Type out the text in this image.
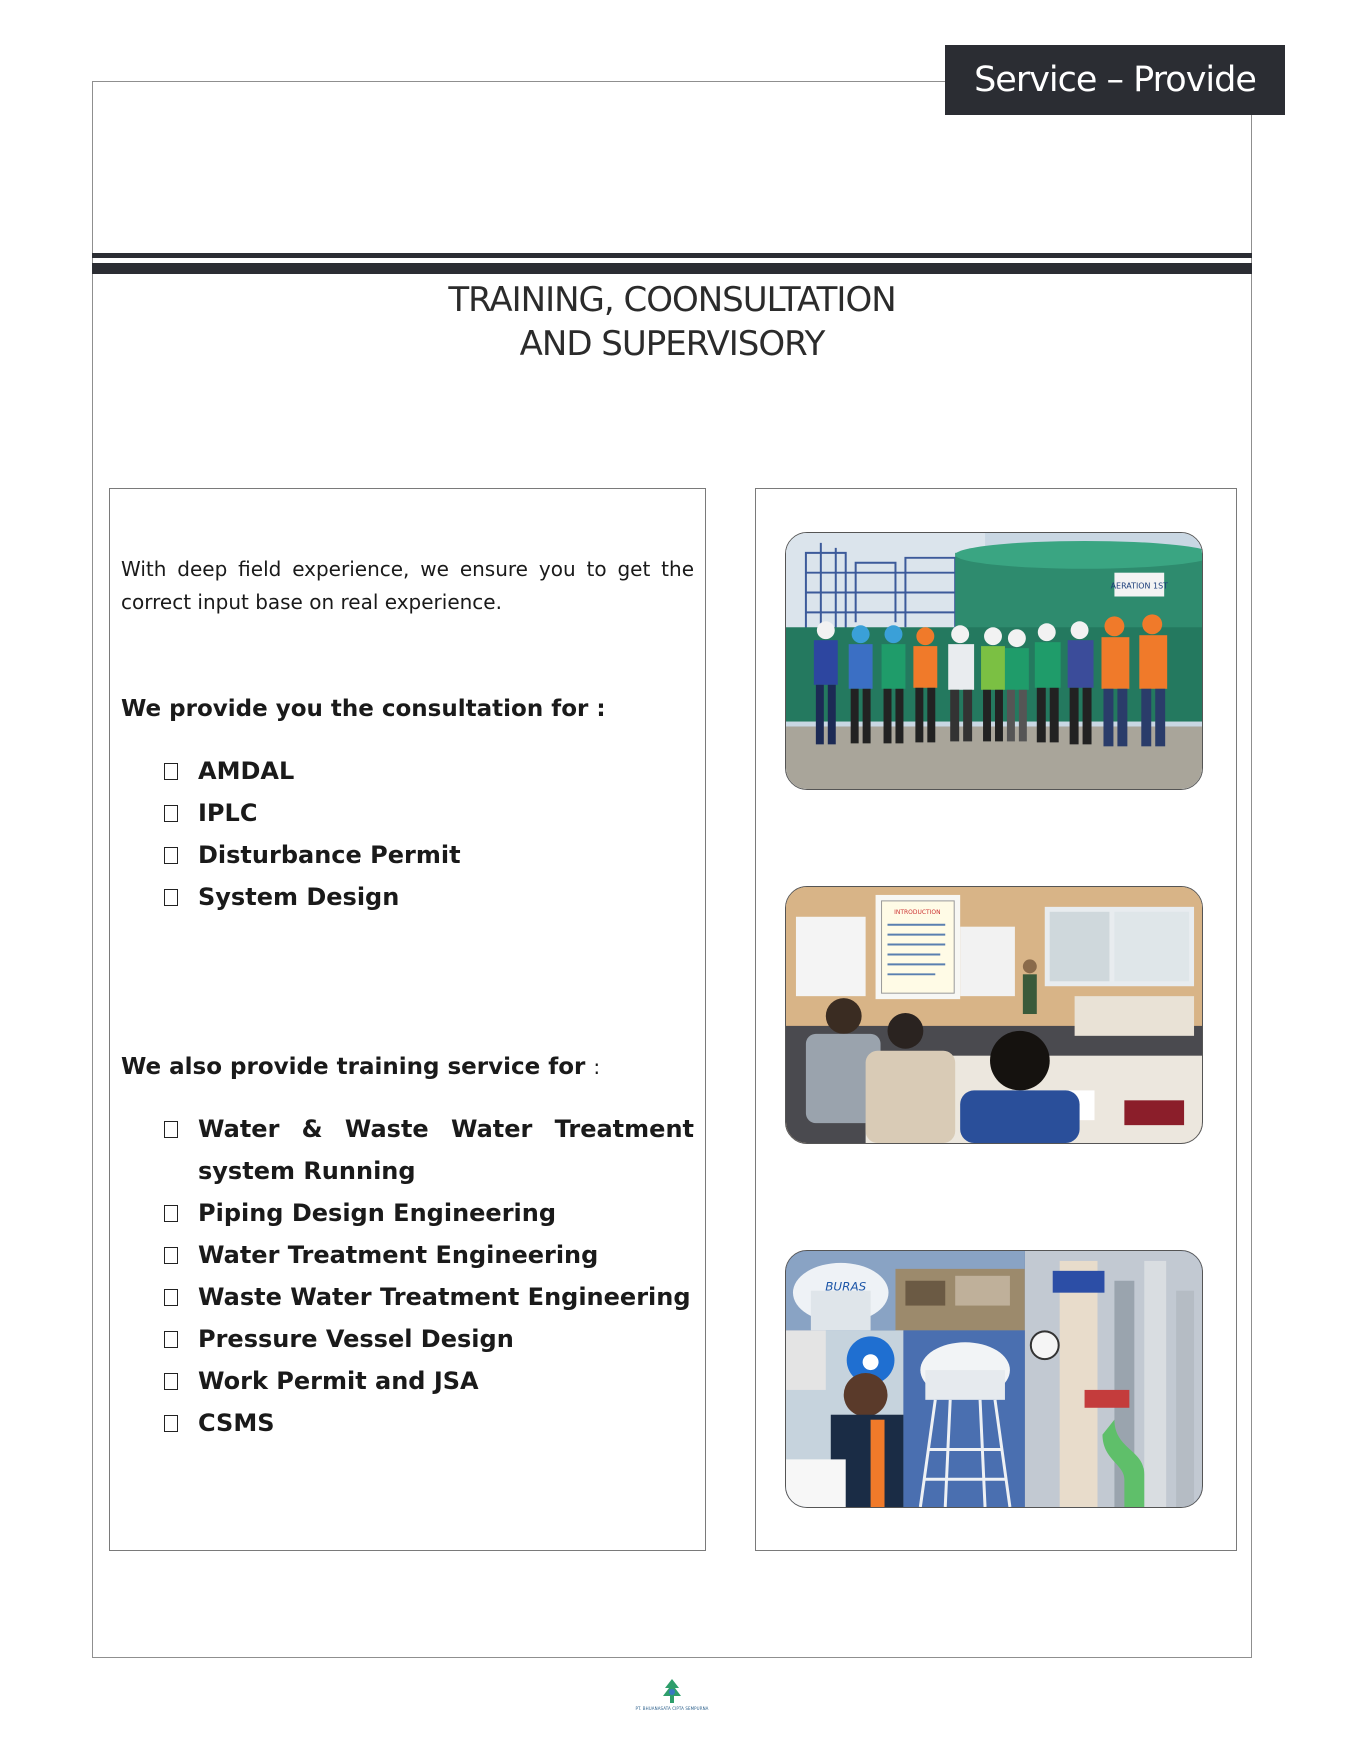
Service – Provide
TRAINING, COONSULTATION
AND SUPERVISORY

With deep field experience, we ensure you to get the correct input base on real experience.

We provide you the consultation for :
AMDAL
IPLC
Disturbance Permit
System Design
We also provide training service for :
Water & Waste Water Treatment system Running
Piping Design Engineering
Water Treatment Engineering
Waste Water Treatment Engineering
Pressure Vessel Design
Work Permit and JSA
CSMS
AERATION 1ST
INTRODUCTION
BURAS
PT. BHUANASATA CIPTA SEMPURNA
